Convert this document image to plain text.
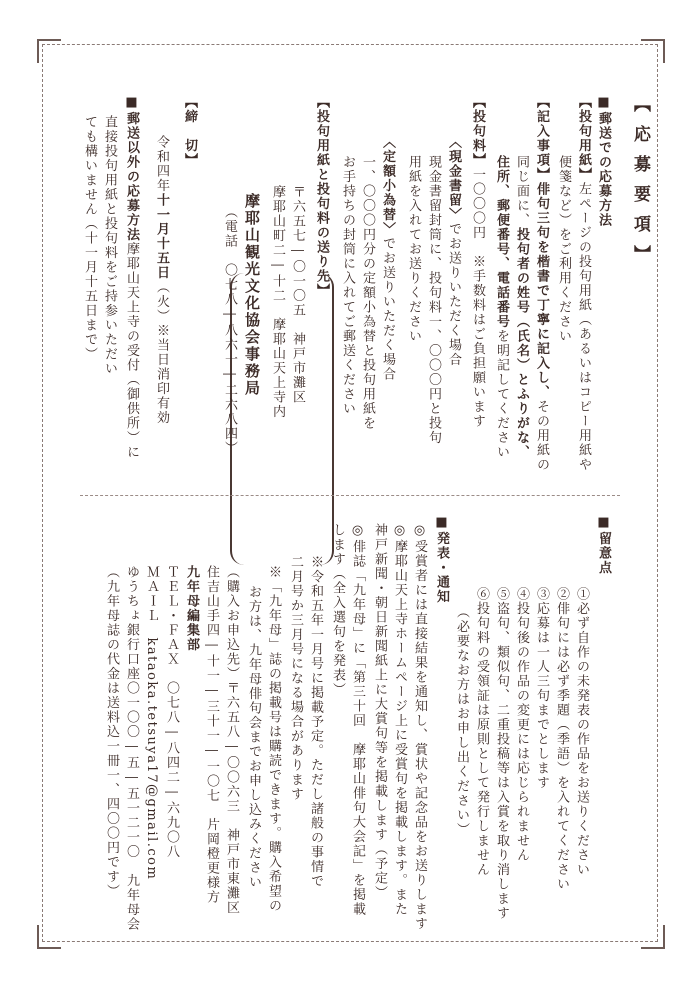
【応募要項】
■郵送での応募方法
【投句用紙】左ページの投句用紙（あるいはコピー用紙や
便箋など）をご利用ください
【記入事項】俳句三句を楷書で丁寧に記入し、その用紙の
同じ面に、投句者の姓号（氏名）とふりがな、
住所、郵便番号、電話番号を明記してください
【投句料】一〇〇〇円　※手数料はご負担願います
〈現金書留〉でお送りいただく場合
現金書留封筒に、投句料一、〇〇〇円と投句
用紙を入れてお送りください
〈定額小為替〉でお送りいただく場合
一、〇〇〇円分の定額小為替と投句用紙を
お手持ちの封筒に入れてご郵送ください
【投句用紙と投句料の送り先】
〒六五七―〇一〇五　神戸市灘区
摩耶山町二―十二　摩耶山天上寺内
摩耶山観光文化協会事務局
（電話　〇七八―八六一―二六八四）
【締　切】
令和四年十一月十五日（火）※当日消印有効
■郵送以外の応募方法摩耶山天上寺の受付（御供所）に
直接投句用紙と投句料をご持参いただい
ても構いません（十一月十五日まで）
■留意点
①必ず自作の未発表の作品をお送りください
②俳句には必ず季題（季語）を入れてください
③応募は一人三句までとします
④投句後の作品の変更には応じられません
⑤盗句、類似句、二重投稿等は入賞を取り消します
⑥投句料の受領証は原則として発行しません
（必要なお方はお申し出ください）
■発表・通知
◎受賞者には直接結果を通知し、賞状や記念品をお送りします
◎摩耶山天上寺ホームページ上に受賞句を掲載します。また
神戸新聞・朝日新聞紙上に大賞句等を掲載します（予定）
◎俳誌「九年母」に「第三十回　摩耶山俳句大会記」を掲載
します（全入選句を発表）
※令和五年一月号に掲載予定。ただし諸般の事情で
二月号か三月号になる場合があります
※「九年母」誌の掲載号は購読できます。購入希望の
お方は、九年母俳句会までお申し込みください
（購入お申込先）〒六五八―〇〇六三　神戸市東灘区
住吉山手四―十一―三十一―一〇七　片岡橙更様方
九年母編集部
ＴＥＬ・ＦＡＸ　〇七八―八四二―六九〇八
ＭＡＩＬ　kataoka.tetsuya17@gmail.com
ゆうちょ銀行口座〇一〇〇―五―五一二一〇　九年母会
（九年母誌の代金は送料込一冊一、四〇〇円です）
